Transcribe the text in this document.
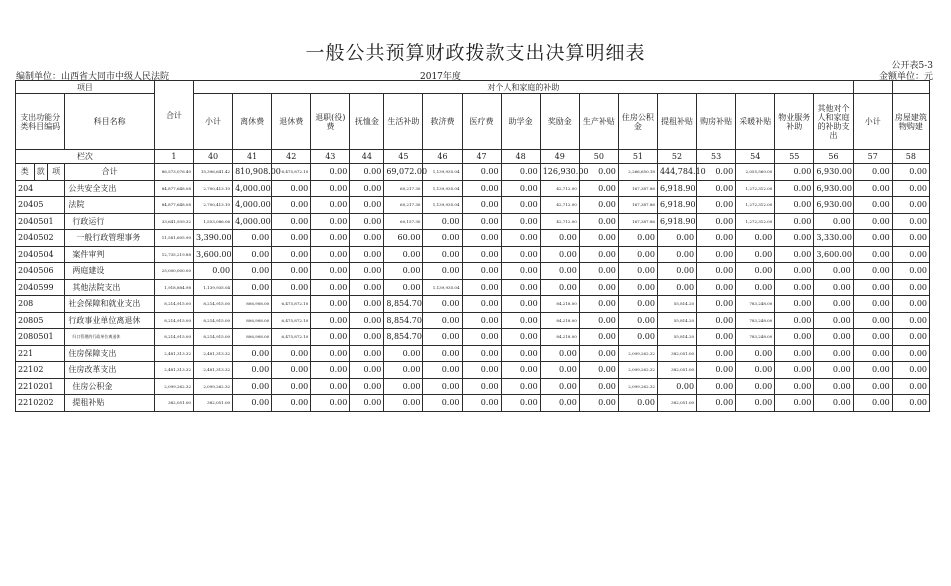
一般公共预算财政拨款支出决算明细表
公开表5-3
金额单位：元
编制单位：山西省大同市中级人民法院	2017年度
项目				合计	对个人和家庭的补助																		
支出功能分类科目编码			科目名称		小计	离休费	退休费	退职(役)费	抚恤金	生活补助	救济费	医疗费	助学金	奖励金	生产补贴	住房公积金	提租补贴	购房补贴	采暖补贴	物业服务补助	其他对个人和家庭的补助支出	小计	房屋建筑物购建
栏次				1	40	41	42	43	44	45	46	47	48	49	50	51	52	53	54	55	56	57	58
类	款	项	合计	86,573,076.40	15,396,641.42	810,908.00	6,475,872.10	0.00	0.00	69,072.00	1,139,935.04	0.00	0.00	126,930.00	0.00	2,266,650.18	444,784.10	0.00	2,055,560.00	0.00	6,930.00	0.00	0.00
204			公共安全支出	84,877,648.08	2,700,413.10	4,000.00	0.00	0.00	0.00	60,217.30	1,139,935.04	0.00	0.00	42,712.00	0.00	167,387.86	6,918.90	0.00	1,272,312.00	0.00	6,930.00	0.00	0.00
20405			法院	84,877,648.08	2,700,413.10	4,000.00	0.00	0.00	0.00	60,217.30	1,139,935.04	0.00	0.00	42,712.00	0.00	167,387.86	6,918.90	0.00	1,272,312.00	0.00	6,930.00	0.00	0.00
2040501			行政运行	33,641,939.32	1,553,086.06	4,000.00	0.00	0.00	0.00	60,157.30	0.00	0.00	0.00	42,712.00	0.00	167,387.86	6,918.90	0.00	1,272,312.00	0.00	0.00	0.00	0.00
2040502			一般行政管理事务	11,581,605.90	3,390.00	0.00	0.00	0.00	0.00	60.00	0.00	0.00	0.00	0.00	0.00	0.00	0.00	0.00	0.00	0.00	3,330.00	0.00	0.00
2040504			案件审判	12,735,219.88	3,600.00	0.00	0.00	0.00	0.00	0.00	0.00	0.00	0.00	0.00	0.00	0.00	0.00	0.00	0.00	0.00	3,600.00	0.00	0.00
2040506			两庭建设	25,000,000.00	0.00	0.00	0.00	0.00	0.00	0.00	0.00	0.00	0.00	0.00	0.00	0.00	0.00	0.00	0.00	0.00	0.00	0.00	0.00
2040599			其他法院支出	1,918,884.98	1,139,935.04	0.00	0.00	0.00	0.00	0.00	1,139,935.04	0.00	0.00	0.00	0.00	0.00	0.00	0.00	0.00	0.00	0.00	0.00	0.00
208			社会保障和就业支出	8,214,915.00	8,214,915.00	806,908.00	6,475,872.10	0.00	0.00	8,854.70	0.00	0.00	0.00	84,218.00	0.00	0.00	55,814.20	0.00	783,248.00	0.00	0.00	0.00	0.00
20805			行政事业单位离退休	8,214,915.00	8,214,915.00	806,908.00	6,475,872.10	0.00	0.00	8,854.70	0.00	0.00	0.00	84,218.00	0.00	0.00	55,814.20	0.00	783,248.00	0.00	0.00	0.00	0.00
2080501			归口管理的行政单位离退休	8,214,915.00	8,214,915.00	806,908.00	6,475,872.10	0.00	0.00	8,854.70	0.00	0.00	0.00	84,218.00	0.00	0.00	55,814.20	0.00	783,248.00	0.00	0.00	0.00	0.00
221			住房保障支出	2,481,313.32	2,481,313.32	0.00	0.00	0.00	0.00	0.00	0.00	0.00	0.00	0.00	0.00	2,099,262.32	382,051.00	0.00	0.00	0.00	0.00	0.00	0.00
22102			住房改革支出	2,481,313.32	2,481,313.32	0.00	0.00	0.00	0.00	0.00	0.00	0.00	0.00	0.00	0.00	2,099,262.32	382,051.00	0.00	0.00	0.00	0.00	0.00	0.00
2210201			住房公积金	2,099,262.32	2,099,262.32	0.00	0.00	0.00	0.00	0.00	0.00	0.00	0.00	0.00	0.00	2,099,262.32	0.00	0.00	0.00	0.00	0.00	0.00	0.00
2210202			提租补贴	382,051.00	382,051.00	0.00	0.00	0.00	0.00	0.00	0.00	0.00	0.00	0.00	0.00	0.00	382,051.00	0.00	0.00	0.00	0.00	0.00	0.00
